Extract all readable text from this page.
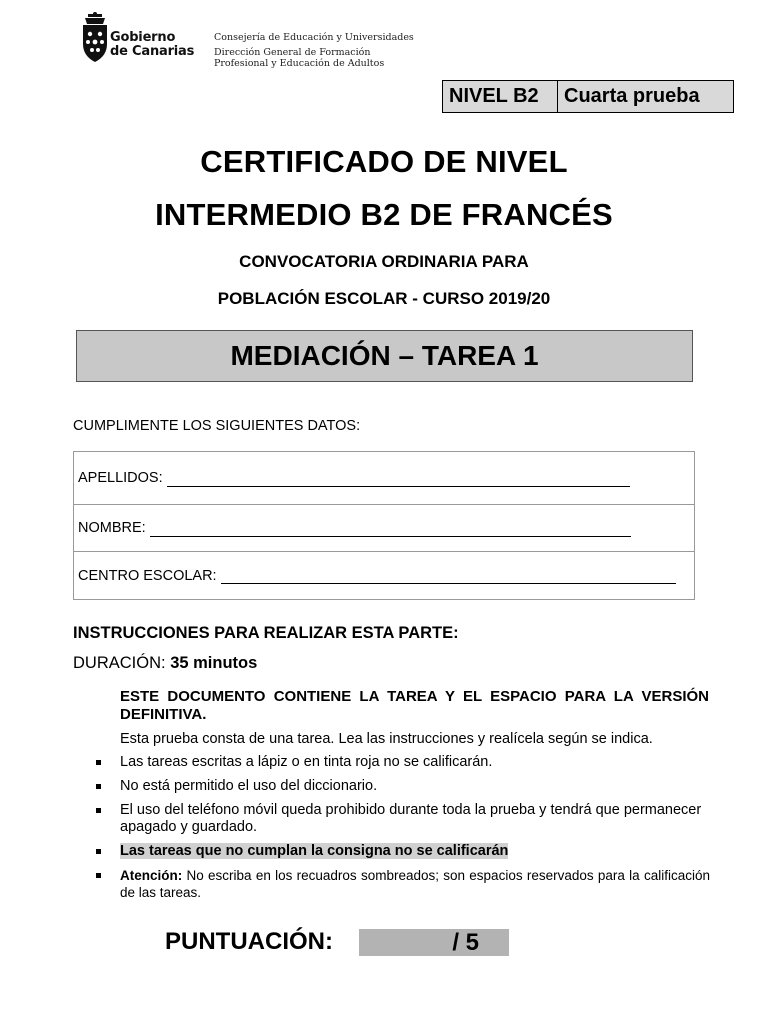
Gobierno
de Canarias
Consejería de Educación y Universidades
Dirección General de Formación
Profesional y Educación de Adultos
NIVEL B2	Cuarta prueba
CERTIFICADO DE NIVEL
INTERMEDIO B2 DE FRANCÉS
CONVOCATORIA ORDINARIA PARA
POBLACIÓN ESCOLAR - CURSO 2019/20
MEDIACIÓN – TAREA 1
CUMPLIMENTE LOS SIGUIENTES DATOS:
APELLIDOS:
NOMBRE:
CENTRO ESCOLAR:
INSTRUCCIONES PARA REALIZAR ESTA PARTE:
DURACIÓN: 35 minutos
ESTE DOCUMENTO CONTIENE LA TAREA Y EL ESPACIO PARA LA VERSIÓN DEFINITIVA.
Esta prueba consta de una tarea. Lea las instrucciones y realícela según se indica.
Las tareas escritas a lápiz o en tinta roja no se calificarán.
No está permitido el uso del diccionario.
El uso del teléfono móvil queda prohibido durante toda la prueba y tendrá que permanecer apagado y guardado.
Las tareas que no cumplan la consigna no se calificarán
Atención: No escriba en los recuadros sombreados; son espacios reservados para la calificación de las tareas.
PUNTUACIÓN:	/ 5
